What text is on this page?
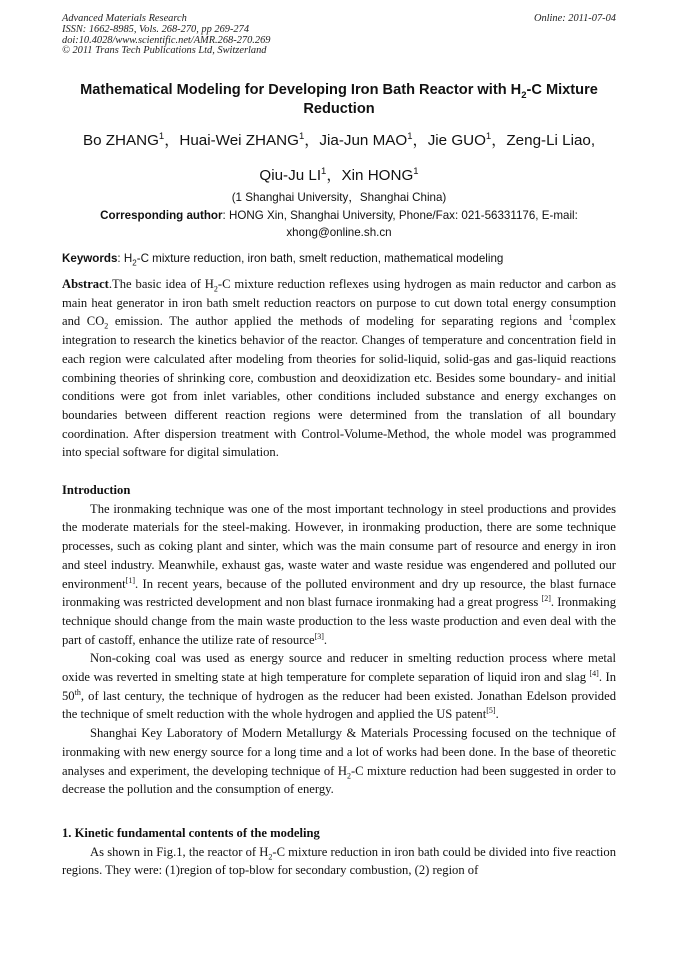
Advanced Materials Research
ISSN: 1662-8985, Vols. 268-270, pp 269-274
doi:10.4028/www.scientific.net/AMR.268-270.269
© 2011 Trans Tech Publications Ltd, Switzerland
Online: 2011-07-04
Mathematical Modeling for Developing Iron Bath Reactor with $H_2-C$ Mixture Reduction
Bo ZHANG$^1$，Huai-Wei ZHANG$^1$，Jia-Jun MAO$^1$，Jie GUO$^1$，Zeng-Li Liao,
Qiu-Ju $LI^1$，Xin HONG$^1$
(1 Shanghai University，Shanghai China)
Corresponding author: HONG Xin, Shanghai University, Phone/Fax: 021-56331176, E-mail: xhong@online.sh.cn
Keywords: $H_2-C$ mixture reduction, iron bath, smelt reduction, mathematical modeling

Abstract.The basic idea of $H_2-C$ mixture reduction reflexes using hydrogen as main reductor and carbon as main heat generator in iron bath smelt reduction reactors on purpose to cut down total energy consumption and $CO_2$ emission. The author applied the methods of modeling for separating regions and $^1$complex integration to research the kinetics behavior of the reactor. Changes of temperature and concentration field in each region were calculated after modeling from theories for solid-liquid, solid-gas and gas-liquid reactions combining theories of shrinking core, combustion and deoxidization etc. Besides some boundary- and initial conditions were got from inlet variables, other conditions included substance and energy exchanges on boundaries between different reaction regions were determined from the translation of all boundary coordination. After dispersion treatment with Control-Volume-Method, the whole model was programmed into special software for digital simulation.

Introduction

The ironmaking technique was one of the most important technology in steel productions and provides the moderate materials for the steel-making. However, in ironmaking production, there are some technique processes, such as coking plant and sinter, which was the main consume part of resource and energy in iron and steel industry. Meanwhile, exhaust gas, waste water and waste residue was engendered and polluted our environment[1]. In recent years, because of the polluted environment and dry up resource, the blast furnace ironmaking was restricted development and non blast furnace ironmaking had a great progress [2]. Ironmaking technique should change from the main waste production to the less waste production and even deal with the part of castoff, enhance the utilize rate of resource[3].

Non-coking coal was used as energy source and reducer in smelting reduction process where metal oxide was reverted in smelting state at high temperature for complete separation of liquid iron and slag [4]. In 50th, of last century, the technique of hydrogen as the reducer had been existed. Jonathan Edelson provided the technique of smelt reduction with the whole hydrogen and applied the US patent[5].

Shanghai Key Laboratory of Modern Metallurgy & Materials Processing focused on the technique of ironmaking with new energy source for a long time and a lot of works had been done. In the base of theoretic analyses and experiment, the developing technique of $H_2-C$ mixture reduction had been suggested in order to decrease the pollution and the consumption of energy.

1. Kinetic fundamental contents of the modeling

As shown in Fig.1, the reactor of $H_2-C$ mixture reduction in iron bath could be divided into five reaction regions. They were: (1)region of top-blow for secondary combustion, (2) region of
